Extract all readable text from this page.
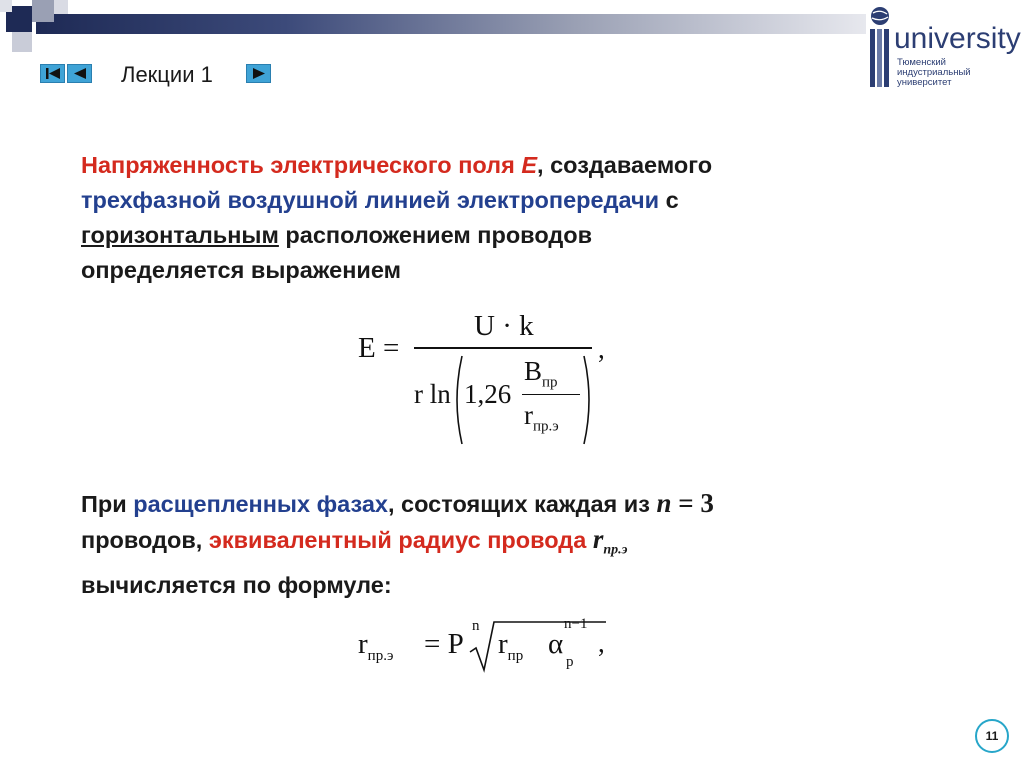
Лекции 1
university
Тюменский
индустриальный
университет
Напряженность электрического поля E, создаваемого
трехфазной воздушной линией электропередачи с
горизонтальным расположением проводов
определяется выражением
E =
U · k
r ln 1,26
$B_{пр}$
$r_{пр.э}$
,
При расщепленных фазах, состоящих каждая из n = 3
проводов, эквивалентный радиус провода $r_{пр.э}$
вычисляется по формуле:
$r_{пр.э} = P$
n
$r_{пр}$ α
n−1
р
,
11
